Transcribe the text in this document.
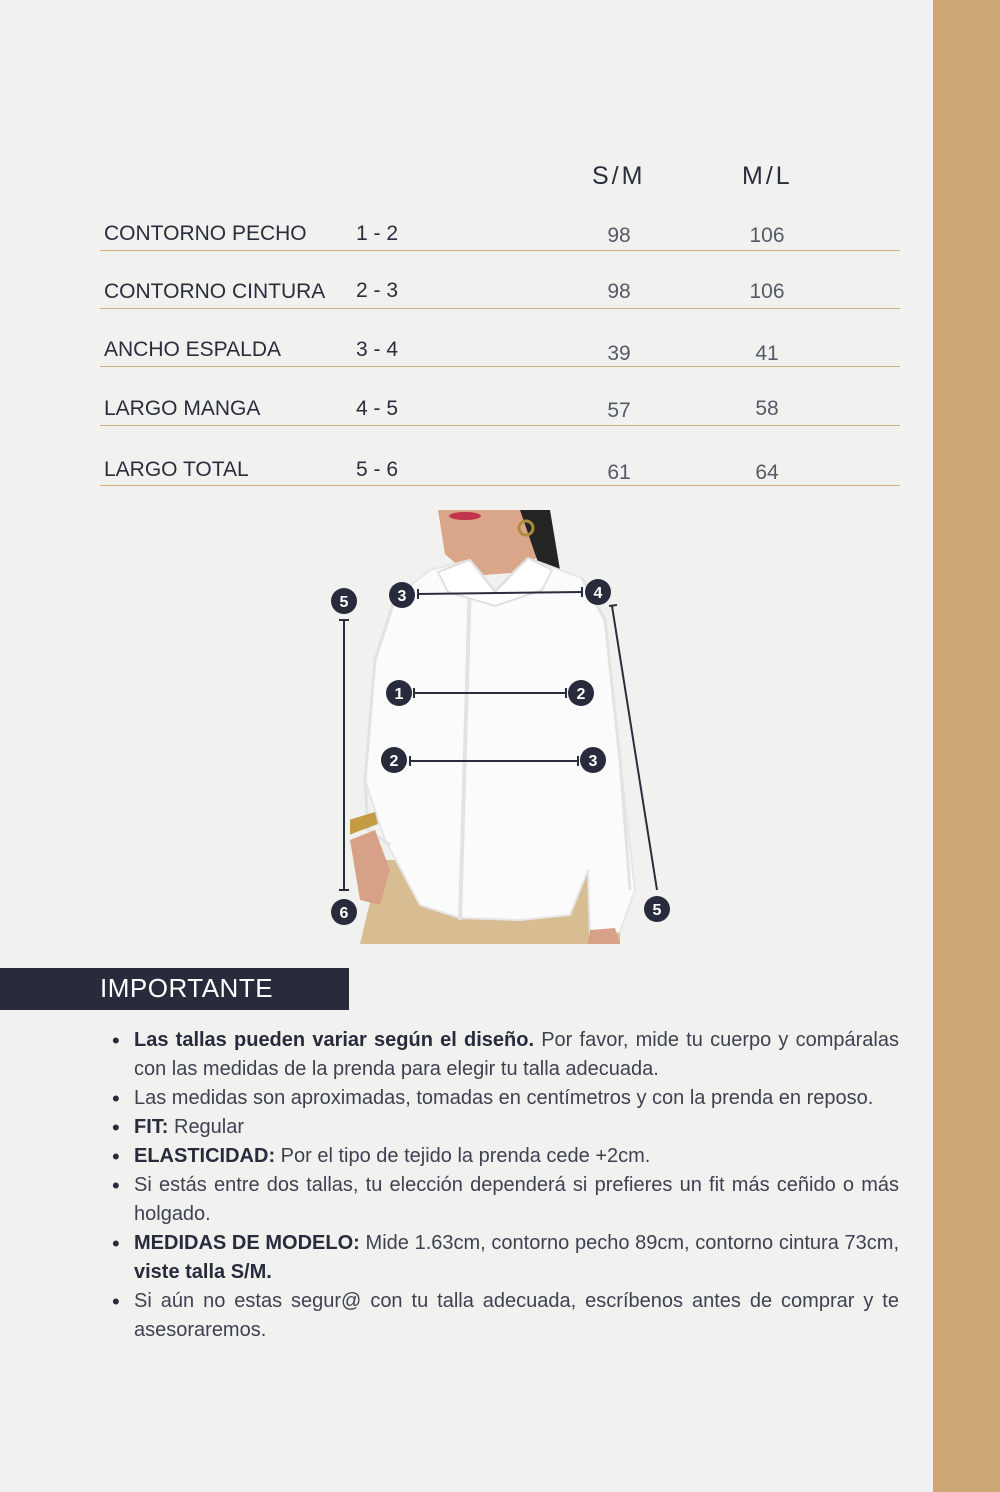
S/M	M/L
CONTORNO PECHO 1 - 2	98	106
CONTORNO CINTURA 2 - 3	98	106
ANCHO ESPALDA	3 - 4	39	41
LARGO MANGA	4 - 5	57	58
LARGO TOTAL	5 - 6	61	64
5
6
3	4
1	2
2	3
5
IMPORTANTE
• Las tallas pueden variar según el diseño. Por favor, mide tu cuerpo y compáralas con las medidas de la prenda para elegir tu talla adecuada.
• Las medidas son aproximadas, tomadas en centímetros y con la prenda en reposo.
• FIT: Regular
• ELASTICIDAD: Por el tipo de tejido la prenda cede +2cm.
• Si estás entre dos tallas, tu elección dependerá si prefieres un fit más ceñido o más holgado.
• MEDIDAS DE MODELO: Mide 1.63cm, contorno pecho 89cm, contorno cintura 73cm, viste talla S/M.
• Si aún no estas segur@ con tu talla adecuada, escríbenos antes de comprar y te asesoraremos.
